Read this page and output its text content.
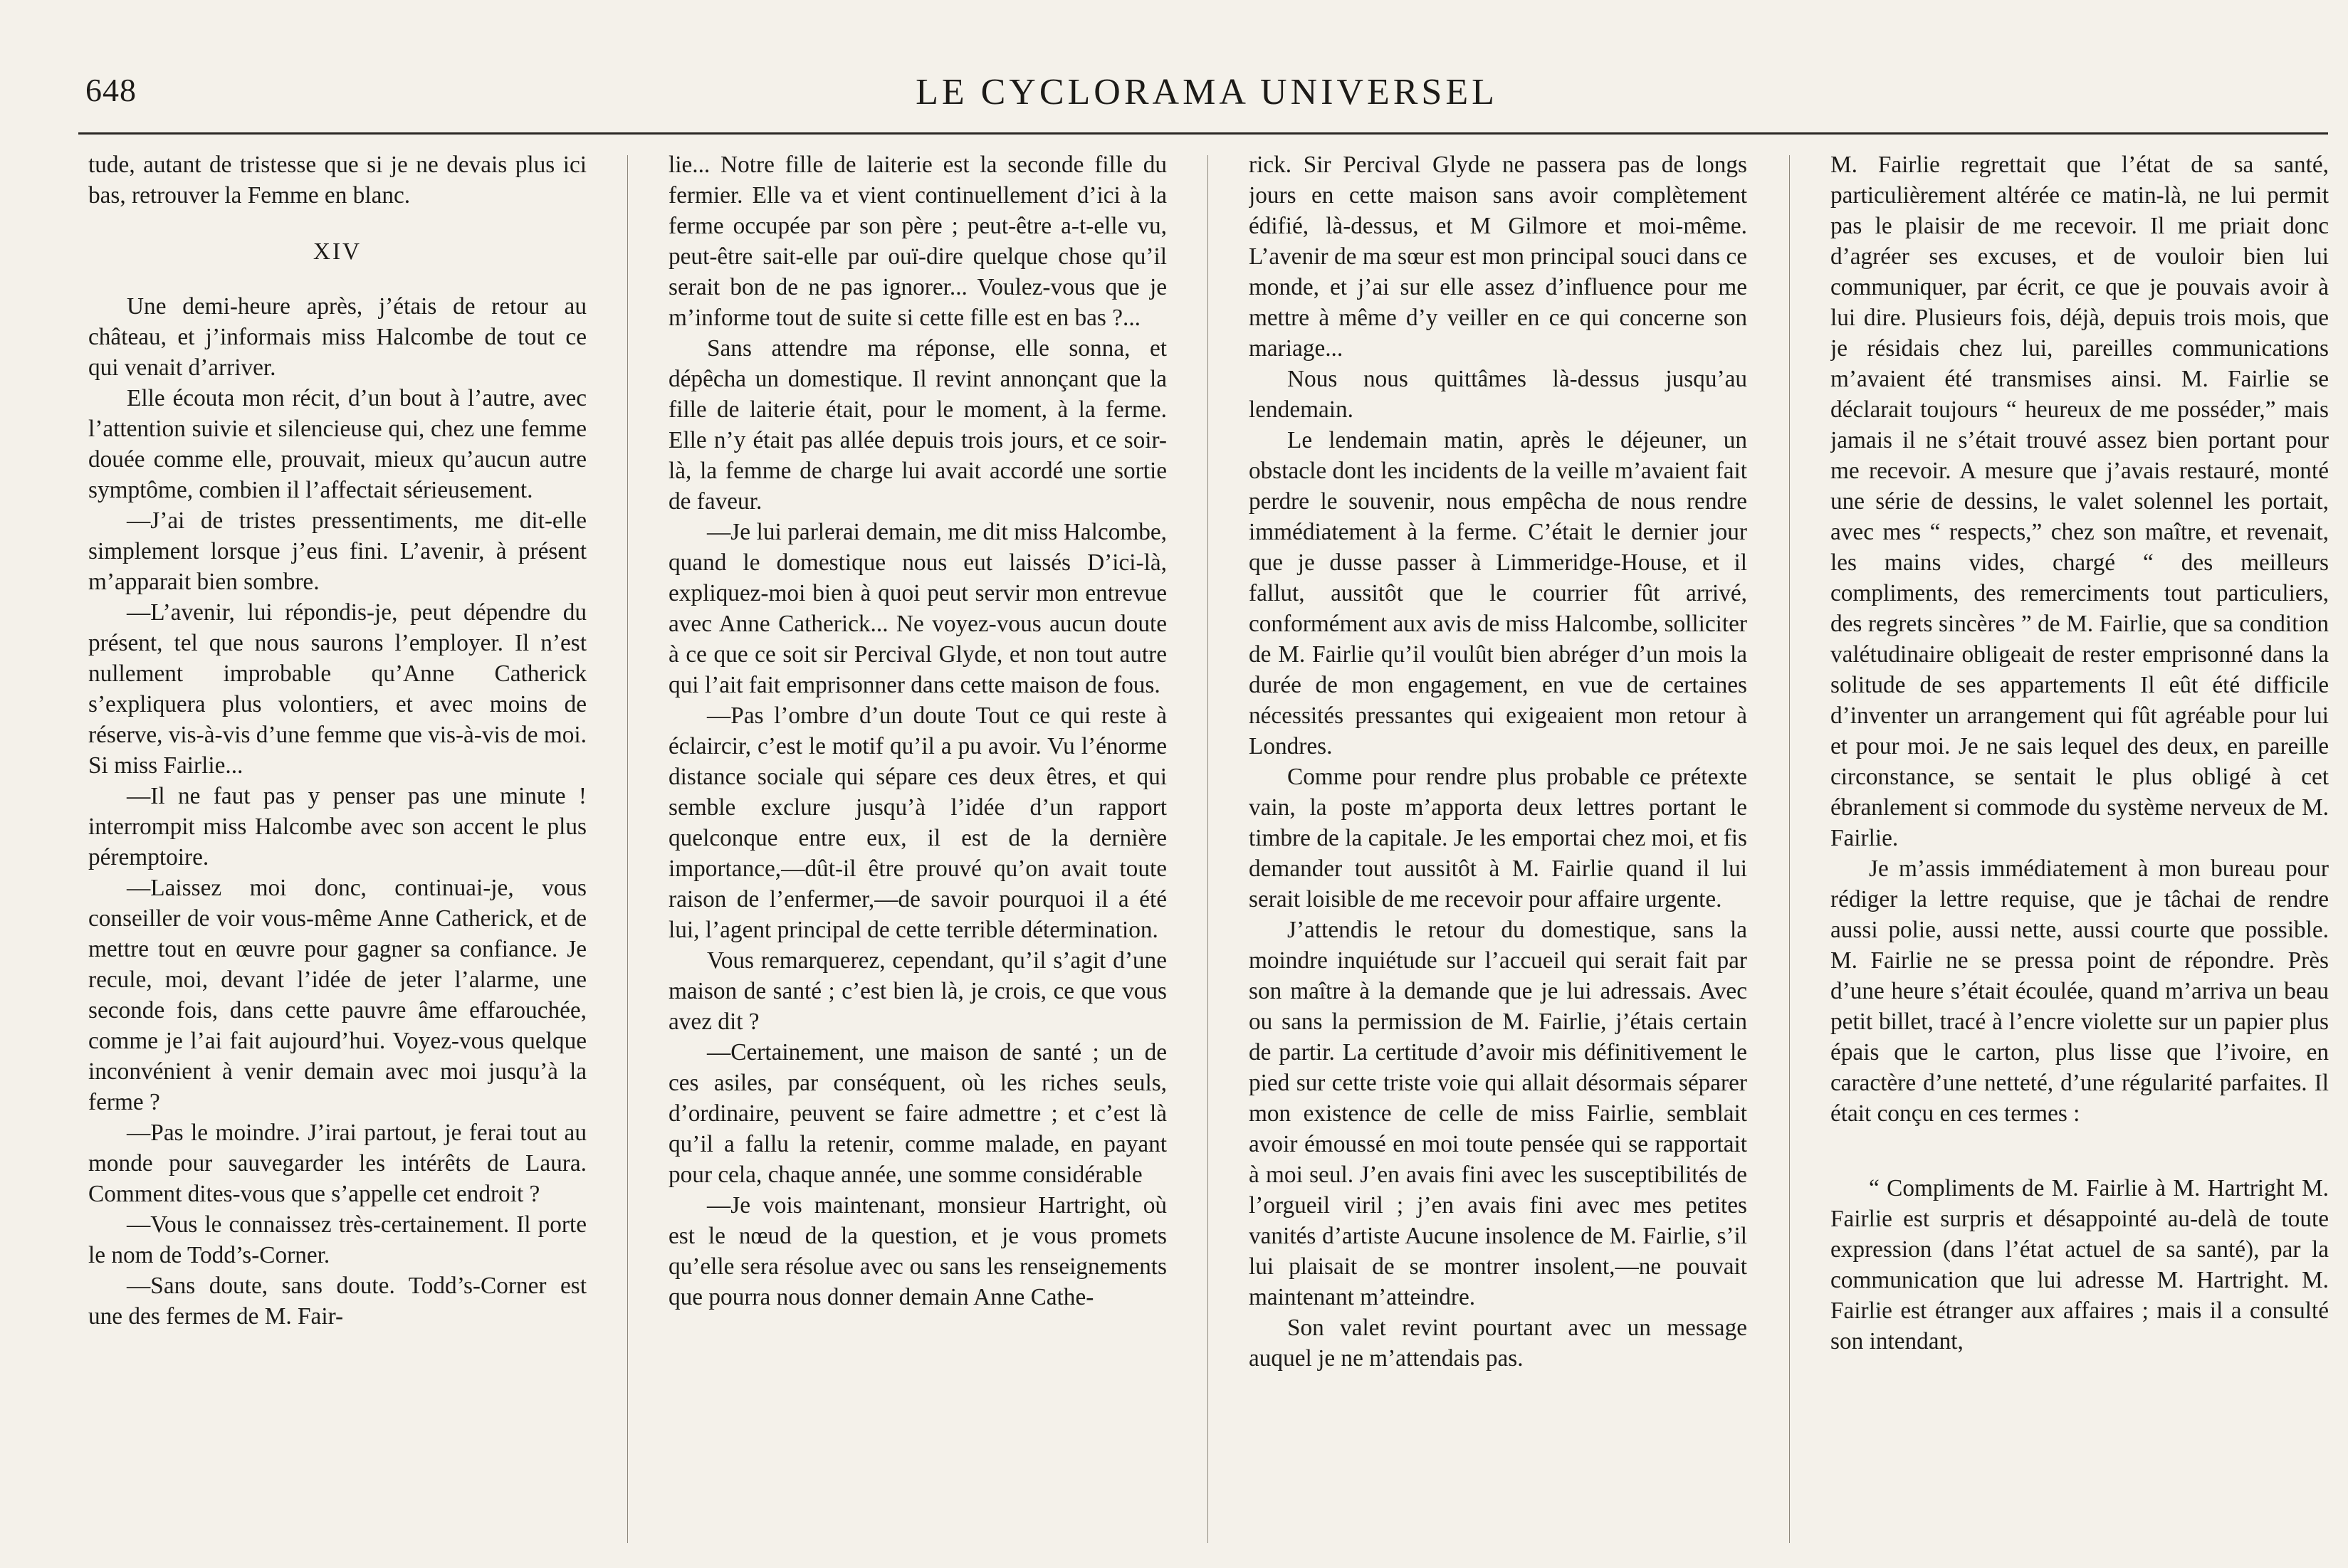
648	LE CYCLORAMA UNIVERSEL

tude, autant de tristesse que si je ne devais plus ici bas, retrouver la Femme en blanc.

XIV

Une demi-heure après, j’étais de retour au château, et j’informais miss Halcombe de tout ce qui venait d’arriver.

Elle écouta mon récit, d’un bout à l’autre, avec l’attention suivie et silencieuse qui, chez une femme douée comme elle, prouvait, mieux qu’aucun autre symptôme, combien il l’affectait sérieusement.

—J’ai de tristes pressentiments, me dit-elle simplement lorsque j’eus fini. L’avenir, à présent m’apparait bien sombre.

—L’avenir, lui répondis-je, peut dépendre du présent, tel que nous saurons l’employer. Il n’est nullement improbable qu’Anne Catherick s’expliquera plus volontiers, et avec moins de réserve, vis-à-vis d’une femme que vis-à-vis de moi. Si miss Fairlie...

—Il ne faut pas y penser pas une minute ! interrompit miss Halcombe avec son accent le plus péremptoire.

—Laissez moi donc, continuai-je, vous conseiller de voir vous-même Anne Catherick, et de mettre tout en œuvre pour gagner sa confiance. Je recule, moi, devant l’idée de jeter l’alarme, une seconde fois, dans cette pauvre âme effarouchée, comme je l’ai fait aujourd’hui. Voyez-vous quelque inconvénient à venir demain avec moi jusqu’à la ferme ?

—Pas le moindre. J’irai partout, je ferai tout au monde pour sauvegarder les intérêts de Laura. Comment dites-vous que s’appelle cet endroit ?

—Vous le connaissez très-certainement. Il porte le nom de Todd’s-Corner.

—Sans doute, sans doute. Todd’s-Corner est une des fermes de M. Fair-

lie... Notre fille de laiterie est la seconde fille du fermier. Elle va et vient continuellement d’ici à la ferme occupée par son père ; peut-être a-t-elle vu, peut-être sait-elle par ouï-dire quelque chose qu’il serait bon de ne pas ignorer... Voulez-vous que je m’informe tout de suite si cette fille est en bas ?...

Sans attendre ma réponse, elle sonna, et dépêcha un domestique. Il revint annonçant que la fille de laiterie était, pour le moment, à la ferme. Elle n’y était pas allée depuis trois jours, et ce soir-là, la femme de charge lui avait accordé une sortie de faveur.

—Je lui parlerai demain, me dit miss Halcombe, quand le domestique nous eut laissés D’ici-là, expliquez-moi bien à quoi peut servir mon entrevue avec Anne Catherick... Ne voyez-vous aucun doute à ce que ce soit sir Percival Glyde, et non tout autre qui l’ait fait emprisonner dans cette maison de fous.

—Pas l’ombre d’un doute Tout ce qui reste à éclaircir, c’est le motif qu’il a pu avoir. Vu l’énorme distance sociale qui sépare ces deux êtres, et qui semble exclure jusqu’à l’idée d’un rapport quelconque entre eux, il est de la dernière importance,—dût-il être prouvé qu’on avait toute raison de l’enfermer,—de savoir pourquoi il a été lui, l’agent principal de cette terrible détermination.

Vous remarquerez, cependant, qu’il s’agit d’une maison de santé ; c’est bien là, je crois, ce que vous avez dit ?

—Certainement, une maison de santé ; un de ces asiles, par conséquent, où les riches seuls, d’ordinaire, peuvent se faire admettre ; et c’est là qu’il a fallu la retenir, comme malade, en payant pour cela, chaque année, une somme considérable

—Je vois maintenant, monsieur Hartright, où est le nœud de la question, et je vous promets qu’elle sera résolue avec ou sans les renseignements que pourra nous donner demain Anne Cathe-

rick. Sir Percival Glyde ne passera pas de longs jours en cette maison sans avoir complètement édifié, là-dessus, et M Gilmore et moi-même. L’avenir de ma sœur est mon principal souci dans ce monde, et j’ai sur elle assez d’influence pour me mettre à même d’y veiller en ce qui concerne son mariage...

Nous nous quittâmes là-dessus jusqu’au lendemain.

Le lendemain matin, après le déjeuner, un obstacle dont les incidents de la veille m’avaient fait perdre le souvenir, nous empêcha de nous rendre immédiatement à la ferme. C’était le dernier jour que je dusse passer à Limmeridge-House, et il fallut, aussitôt que le courrier fût arrivé, conformément aux avis de miss Halcombe, solliciter de M. Fairlie qu’il voulût bien abréger d’un mois la durée de mon engagement, en vue de certaines nécessités pressantes qui exigeaient mon retour à Londres.

Comme pour rendre plus probable ce prétexte vain, la poste m’apporta deux lettres portant le timbre de la capitale. Je les emportai chez moi, et fis demander tout aussitôt à M. Fairlie quand il lui serait loisible de me recevoir pour affaire urgente.

J’attendis le retour du domestique, sans la moindre inquiétude sur l’accueil qui serait fait par son maître à la demande que je lui adressais. Avec ou sans la permission de M. Fairlie, j’étais certain de partir. La certitude d’avoir mis définitivement le pied sur cette triste voie qui allait désormais séparer mon existence de celle de miss Fairlie, semblait avoir émoussé en moi toute pensée qui se rapportait à moi seul. J’en avais fini avec les susceptibilités de l’orgueil viril ; j’en avais fini avec mes petites vanités d’artiste Aucune insolence de M. Fairlie, s’il lui plaisait de se montrer insolent,—ne pouvait maintenant m’atteindre.

Son valet revint pourtant avec un message auquel je ne m’attendais pas.

M. Fairlie regrettait que l’état de sa santé, particulièrement altérée ce matin-là, ne lui permit pas le plaisir de me recevoir. Il me priait donc d’agréer ses excuses, et de vouloir bien lui communiquer, par écrit, ce que je pouvais avoir à lui dire. Plusieurs fois, déjà, depuis trois mois, que je résidais chez lui, pareilles communications m’avaient été transmises ainsi. M. Fairlie se déclarait toujours “ heureux de me posséder,” mais jamais il ne s’était trouvé assez bien portant pour me recevoir. A mesure que j’avais restauré, monté une série de dessins, le valet solennel les portait, avec mes “ respects,” chez son maître, et revenait, les mains vides, chargé “ des meilleurs compliments, des remerciments tout particuliers, des regrets sincères ” de M. Fairlie, que sa condition valétudinaire obligeait de rester emprisonné dans la solitude de ses appartements Il eût été difficile d’inventer un arrangement qui fût agréable pour lui et pour moi. Je ne sais lequel des deux, en pareille circonstance, se sentait le plus obligé à cet ébranlement si commode du système nerveux de M. Fairlie.

Je m’assis immédiatement à mon bureau pour rédiger la lettre requise, que je tâchai de rendre aussi polie, aussi nette, aussi courte que possible. M. Fairlie ne se pressa point de répondre. Près d’une heure s’était écoulée, quand m’arriva un beau petit billet, tracé à l’encre violette sur un papier plus épais que le carton, plus lisse que l’ivoire, en caractère d’une netteté, d’une régularité parfaites. Il était conçu en ces termes :

“ Compliments de M. Fairlie à M. Hartright M. Fairlie est surpris et désappointé au-delà de toute expression (dans l’état actuel de sa santé), par la communication que lui adresse M. Hartright. M. Fairlie est étranger aux affaires ; mais il a consulté son intendant,
